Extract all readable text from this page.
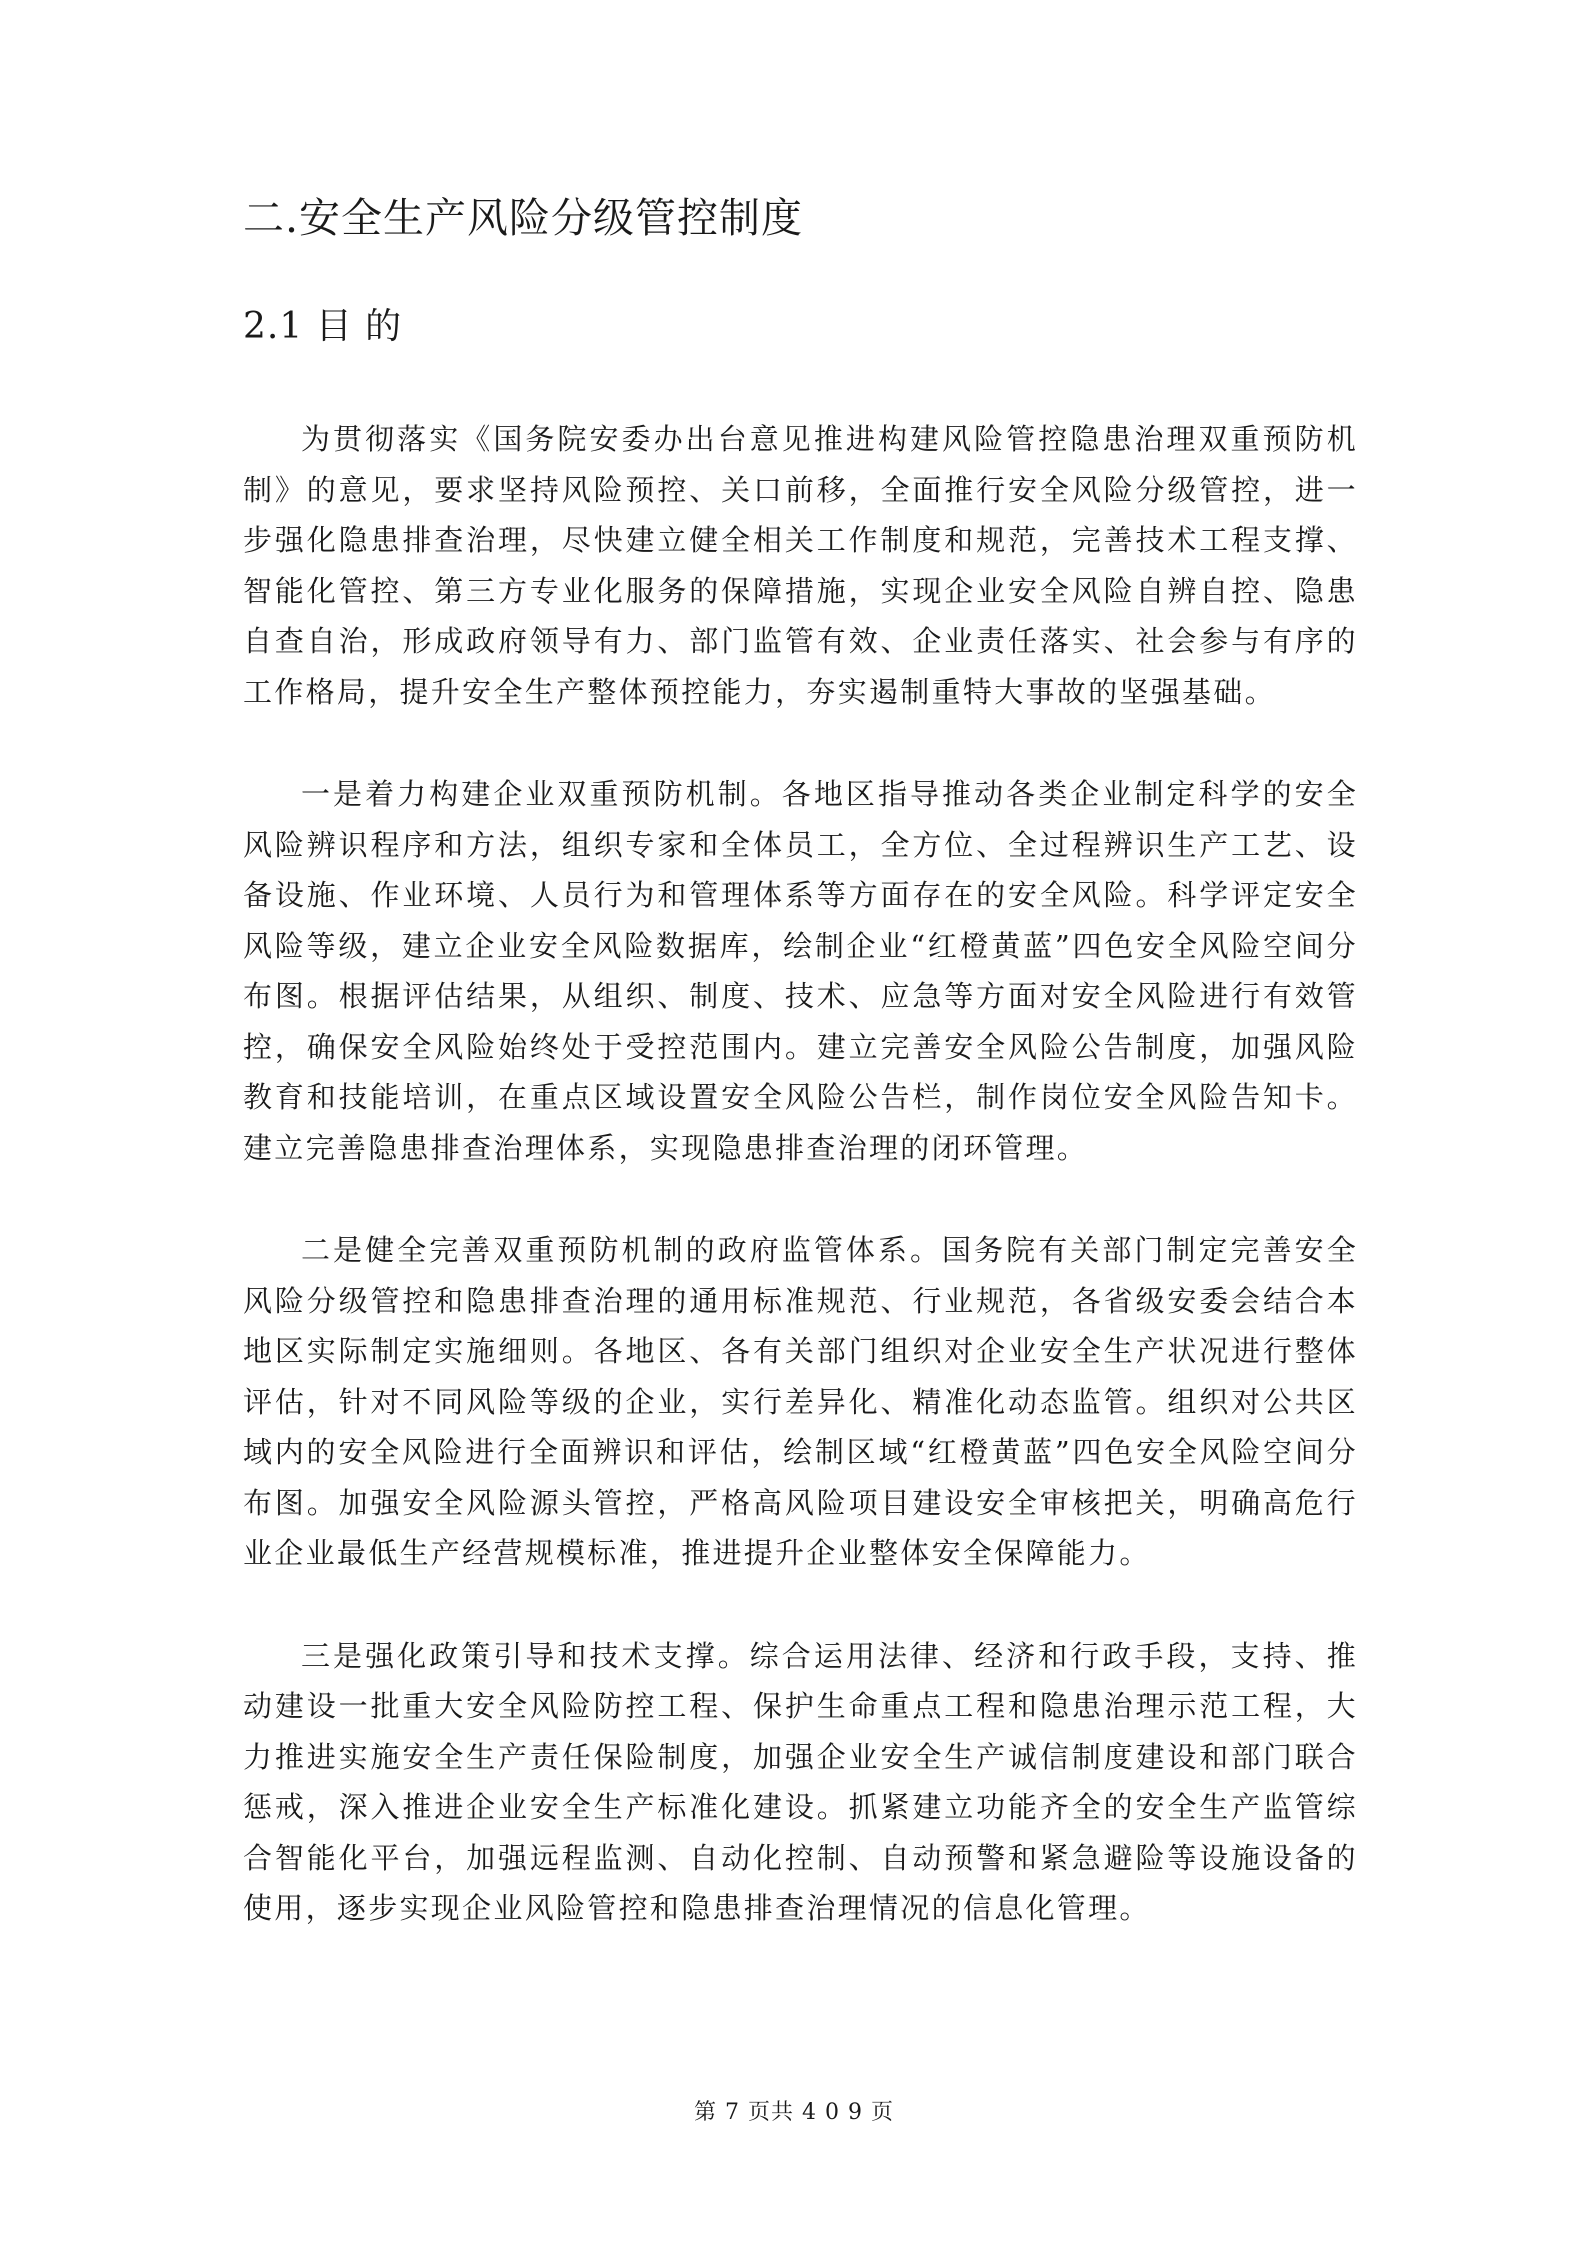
二.安全生产风险分级管控制度
2.1 目 的

为贯彻落实《国务院安委办出台意见推进构建风险管控隐患治理双重预防机制》的意见，要求坚持风险预控、关口前移，全面推行安全风险分级管控，进一步强化隐患排查治理，尽快建立健全相关工作制度和规范，完善技术工程支撑、智能化管控、第三方专业化服务的保障措施，实现企业安全风险自辨自控、隐患自查自治，形成政府领导有力、部门监管有效、企业责任落实、社会参与有序的工作格局，提升安全生产整体预控能力，夯实遏制重特大事故的坚强基础。

一是着力构建企业双重预防机制。各地区指导推动各类企业制定科学的安全风险辨识程序和方法，组织专家和全体员工，全方位、全过程辨识生产工艺、设备设施、作业环境、人员行为和管理体系等方面存在的安全风险。科学评定安全风险等级，建立企业安全风险数据库，绘制企业“红橙黄蓝”四色安全风险空间分布图。根据评估结果，从组织、制度、技术、应急等方面对安全风险进行有效管控，确保安全风险始终处于受控范围内。建立完善安全风险公告制度，加强风险教育和技能培训，在重点区域设置安全风险公告栏，制作岗位安全风险告知卡。建立完善隐患排查治理体系，实现隐患排查治理的闭环管理。

二是健全完善双重预防机制的政府监管体系。国务院有关部门制定完善安全风险分级管控和隐患排查治理的通用标准规范、行业规范，各省级安委会结合本地区实际制定实施细则。各地区、各有关部门组织对企业安全生产状况进行整体评估，针对不同风险等级的企业，实行差异化、精准化动态监管。组织对公共区域内的安全风险进行全面辨识和评估，绘制区域“红橙黄蓝”四色安全风险空间分布图。加强安全风险源头管控，严格高风险项目建设安全审核把关，明确高危行业企业最低生产经营规模标准，推进提升企业整体安全保障能力。

三是强化政策引导和技术支撑。综合运用法律、经济和行政手段，支持、推动建设一批重大安全风险防控工程、保护生命重点工程和隐患治理示范工程，大力推进实施安全生产责任保险制度，加强企业安全生产诚信制度建设和部门联合惩戒，深入推进企业安全生产标准化建设。抓紧建立功能齐全的安全生产监管综合智能化平台，加强远程监测、自动化控制、自动预警和紧急避险等设施设备的使用，逐步实现企业风险管控和隐患排查治理情况的信息化管理。

第 7 页共 4 0 9 页
